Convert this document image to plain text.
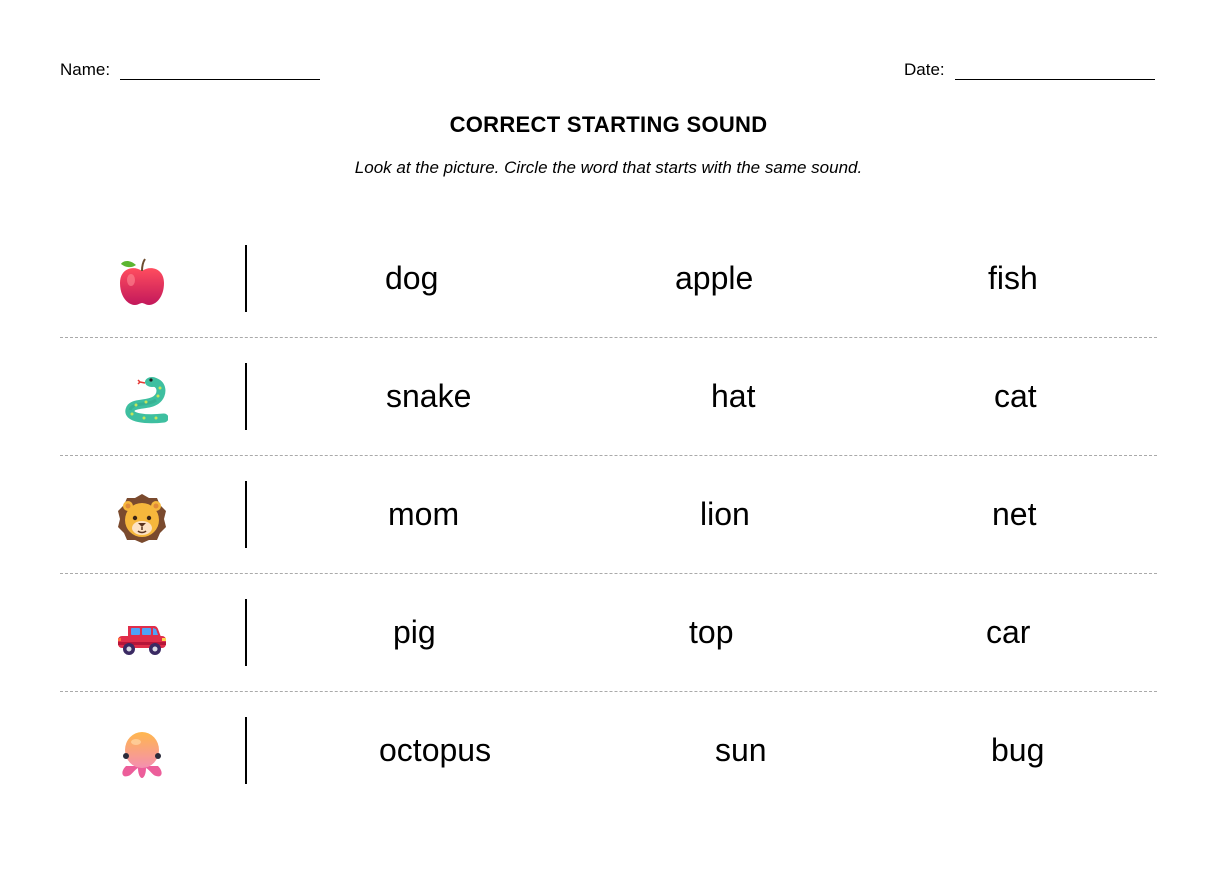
Name:	Date:
CORRECT STARTING SOUND
Look at the picture. Circle the word that starts with the same sound.
dog	apple	fish
snake	hat	cat
mom	lion	net
pig	top	car
octopus	sun	bug
